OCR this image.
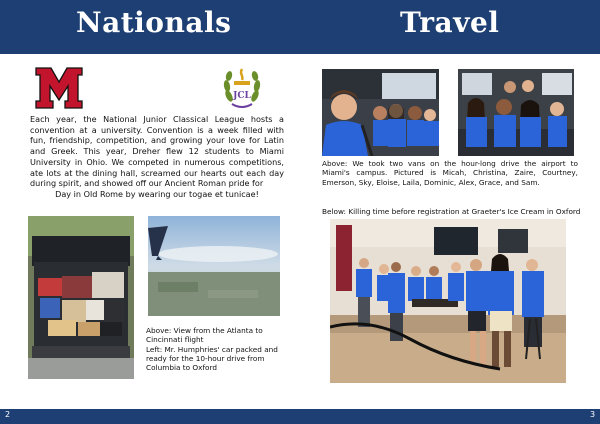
Nationals	Travel
JCL
Each year, the National Junior Classical League hosts a convention at a university. Convention is a week filled with fun, friendship, competition, and growing your love for Latin and Greek. This year, Dreher flew 12 students to Miami University in Ohio. We competed in numerous competitions, ate lots at the dining hall, screamed our hearts out each day during spirit, and showed off our Ancient Roman pride for
Day in Old Rome by wearing our togae et tunicae!
Above: We took two vans on the hour-long drive the airport to Miami's campus. Pictured is Micah, Christina, Zaire, Courtney, Emerson, Sky, Eloise, Laila, Dominic, Alex, Grace, and Sam.
Below: Killing time before registration at Graeter's Ice Cream in Oxford
Above: View from the Atlanta to Cincinnati flight
Left: Mr. Humphries' car packed and ready for the 10-hour drive from Columbia to Oxford
2	3
